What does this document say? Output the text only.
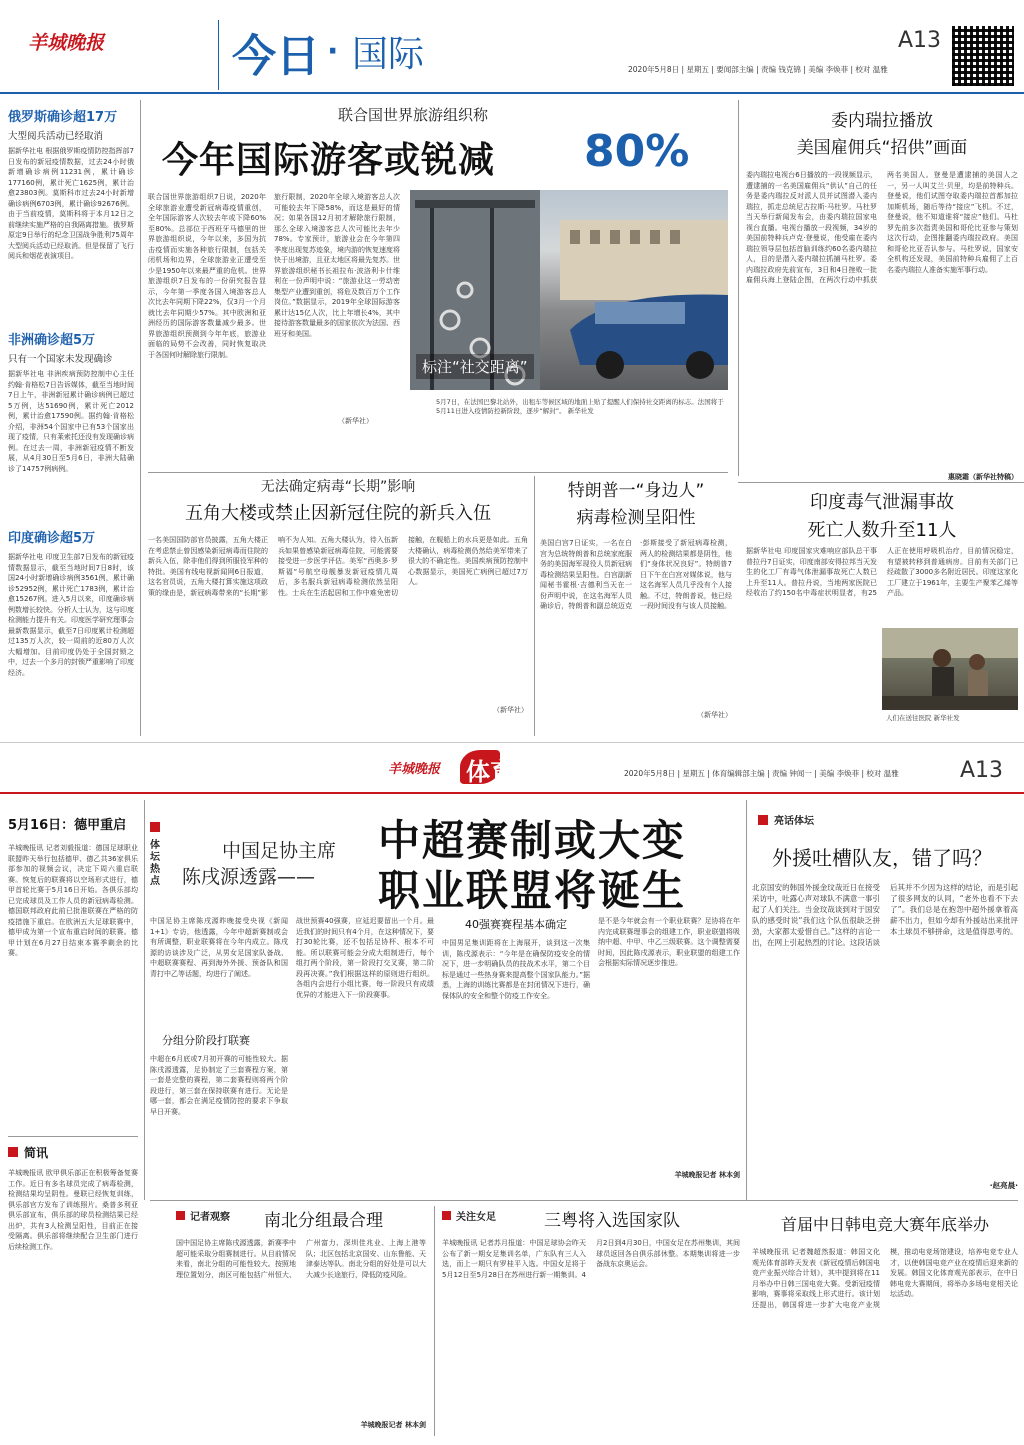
羊城晚报	今日 · 国际	A13
2020年5月8日 | 星期五 | 要闻部主编 | 责编 钱克锦 | 美编 李焕菲 | 校对 温雅
俄罗斯确诊超17万
大型阅兵活动已经取消
据新华社电 根据俄罗斯疫情防控指挥部7日发布的新冠疫情数据，过去24小时俄新增确诊病例11231例，累计确诊177160例，累计死亡1625例，累计治愈23803例。莫斯科市过去24小时新增确诊病例6703例，累计确诊92676例。由于当前疫情，莫斯科将于本月12日之前继续实施严格的自我隔离措施。俄罗斯原定9日举行的纪念卫国战争胜利75周年大型阅兵活动已经取消。但是保留了飞行阅兵和烟花表演项目。
非洲确诊超5万
只有一个国家未发现确诊
据新华社电 非洲疾病预防控制中心主任约翰·肯格松7日告诉媒体，截至当地时间7日上午，非洲新冠累计确诊病例已超过5万例，达51690例，累计死亡2012例，累计治愈17590例。据约翰·肯格松介绍，非洲54个国家中已有53个国家出现了疫情，只有莱索托还没有发现确诊病例。在过去一周，非洲新冠疫情不断发展，从4月30日至5月6日，非洲大陆确诊了14757例病例。
印度确诊超5万
据新华社电 印度卫生部7日发布的新冠疫情数据显示，截至当地时间7日8时，该国24小时新增确诊病例3561例，累计确诊52952例，累计死亡1783例，累计治愈15267例。进入5月以来，印度确诊病例数增长较快。分析人士认为，这与印度检测能力提升有关。印度医学研究理事会最新数据显示，截至7日印度累计检测超过135万人次，较一周前的近80万人次大幅增加。目前印度仍处于全国封锁之中，过去一个多月的封锁严重影响了印度经济。
联合国世界旅游组织称
今年国际游客或锐减 80%
联合国世界旅游组织7日说，2020年全球旅游业遭受新冠病毒疫情重创，全年国际游客人次较去年或下降60%至80%。总部位于西班牙马德里的世界旅游组织说，今年以来，多国为抗击疫情而实施各种旅行限制，包括关闭机场和边界，全球旅游业正遭受至少是1950年以来最严重的危机。世界旅游组织7日发布的一份研究报告显示，今年第一季度各国入境游客总人次比去年同期下降22%，仅3月一个月就比去年同期少57%。其中欧洲和亚洲经历的国际游客数量减少最多。世界旅游组织预测到今年年底，旅游业面临的局势不会改善，同时恢复取决于各国何时解除旅行限制。
旅行限制，2020年全球入境游客总人次可能较去年下降58%，而这是最好的情况；如果各国12月初才解除旅行限制，那么全球入境游客总人次可能比去年少78%。专家预计，旅游业会在今年第四季度出现复苏迹象，境内游的恢复速度将快于出境游，且亚太地区将最先复苏。世界旅游组织秘书长祖拉布·波洛利卡什维利在一份声明中说：“旅游业这一劳动密集型产业遭到重创，将危及数百万个工作岗位。”数据显示，2019年全球国际游客累计达15亿人次，比上年增长4%，其中接待游客数量最多的国家依次为法国、西班牙和美国。
（新华社）
标注“社交距离”
5月7日，在法国巴黎北站外，出租车等候区域的地面上贴了提醒人们保持社交距离的标志。法国将于5月11日进入疫情防控新阶段，逐步“解封”。 新华社发
委内瑞拉播放
美国雇佣兵“招供”画面
委内瑞拉电视台6日播放的一段视频显示，遭逮捕的一名美国雇佣兵“供认”自己的任务是委内瑞拉反对派人员并试图潜入委内瑞拉，抓走总统尼古拉斯·马杜罗。马杜罗当天举行新闻发布会，由委内瑞拉国家电视台直播。电视台播放一段视频，34岁的美国前特种兵卢克·登曼说，他受雇在委内瑞拉领导层包括首脑训练约60名委内瑞拉人，目的是潜入委内瑞拉抓捕马杜罗。委内瑞拉政府先前宣布，3日和4日挫败一批雇佣兵海上登陆企图，在两次行动中抓获两名美国人。登曼是遭逮捕的美国人之一，另一人叫艾兰·贝里，均是前特种兵。登曼说，他们试图夺取委内瑞拉首都加拉加斯机场，随后等待“接应”飞机。不过，登曼说，他不知道谁将“接应”他们。马杜罗先前多次指责美国和哥伦比亚参与策划这次行动，企图推翻委内瑞拉政府。美国和哥伦比亚否认参与。马杜罗说，国家安全机构还发现，美国前特种兵雇佣了上百名委内瑞拉人准备实施军事行动。
惠晓霜（新华社特稿）
无法确定病毒“长期”影响
五角大楼或禁止因新冠住院的新兵入伍
一名美国国防部官员披露，五角大楼正在考虑禁止曾因感染新冠病毒而住院的新兵入伍，除非他们得到所服役军种的特批。美国有线电视新闻网6日报道，这名官员说，五角大楼打算实施这项政策的缘由是，新冠病毒带来的“长期”影响不为人知。五角大楼认为，待入伍新兵如果曾感染新冠病毒住院，可能需要接受进一步医学评估。美军“西奥多·罗斯福”号航空母舰暴发新冠疫情几周后，多名服兵新冠病毒检测依然呈阳性。士兵在生活起居和工作中难免密切接触，在舰船上的水兵更是如此。五角大楼确认，病毒检测仍然给美军带来了很大的不确定性。美国疾病预防控制中心数据显示，美国死亡病例已超过7万人。
（新华社）
特朗普一“身边人”
病毒检测呈阳性
美国白宫7日证实，一名在白宫为总统特朗普和总统家庭服务的美国海军现役人员新冠病毒检测结果呈阳性。白宫副新闻秘书霍根·吉德利当天在一份声明中说，在这名海军人员确诊后，特朗普和副总统迈克·彭斯接受了新冠病毒检测，两人的检测结果都是阴性，他们“身体状况良好”。特朗普7日下午在白宫对媒体说，他与这名海军人员几乎没有个人接触。不过，特朗普说，他已经一段时间没有与该人员接触。
（新华社）
印度毒气泄漏事故
死亡人数升至11人
据新华社电 印度国家灾难响应部队总干事普拉丹7日证实，印度南部安得拉邦当天发生的化工厂有毒气体泄漏事故死亡人数已上升至11人。普拉丹说，当地两家医院已经收治了约150名中毒症状明显者，有25人正在使用呼吸机治疗，目前情况稳定，有望被转移到普通病房。目前有关部门已经疏散了3000多名附近居民。印度这家化工厂建立于1961年，主要生产聚苯乙烯等产品。
人们在送往医院 新华社发
羊城晚报 体育	2020年5月8日 | 星期五 | 体育编辑部主编 | 责编 钟闻一 | 美编 李焕菲 | 校对 温雅	A13
5月16日：德甲重启
羊城晚报讯 记者刘毅报道：德国足球职业联盟昨天举行包括德甲、德乙共36家俱乐部参加的视频会议，决定下周六重启联赛。恢复后的联赛将以空场形式进行，德甲首轮比赛于5月16日开始。各俱乐部均已完成球员及工作人员的新冠病毒检测。德国联邦政府此前已批准联赛在严格的防疫措施下重启。在欧洲五大足球联赛中，德甲成为第一个宣布重启时间的联赛。德甲计划在6月27日结束本赛季剩余的比赛。
简讯
羊城晚报讯 欧甲俱乐部正在积极筹备复赛工作。近日有多名球员完成了病毒检测，检测结果均呈阴性。曼联已经恢复训练，俱乐部官方发布了训练照片。桑普多利亚俱乐部宣布，俱乐部的球员检测结果已经出炉，共有3人检测呈阳性，目前正在接受隔离。俱乐部将继续配合卫生部门进行后续检测工作。
体坛热点
中国足协主席
陈戌源透露——
中超赛制或大变
职业联盟将诞生
中国足协主席陈戌源昨晚接受央视《新闻1+1》专访，他透露，今年中超新赛制或会有所调整，职业联赛将在今年内成立。陈戌源的访谈涉及广泛，从男女足国家队备战、中超联赛赛程、再到海外外援、预备队和国青打中乙等话题，均进行了阐述。
分组分阶段打联赛
中超在6月底或7月初开赛的可能性较大。据陈戌源透露，足协制定了三套赛程方案，第一套是完整的赛程，第二套赛程则将两个阶段进行，第三套在保持联赛有进行。无论是哪一套，都会在满足疫情防控的要求下争取早日开赛。
战世预赛40强赛，应延迟要留出一个月。最近我们的时间只有4个月，在这种情况下，要打30轮比赛，还不包括足协杯、根本不可能。所以联赛可能会分成大组制进行，每个组打两个阶段，第一阶段打交叉赛，第二阶段再决赛。”我们根据这样的原则进行组织。各组内会进行小组比赛，每一阶段只有成绩优异的才能进入下一阶段赛事。
40强赛赛程基本确定
中国男足集训距将在上海展开，谈到这一次集训，陈戌源表示：“今年是在确保防疫安全的情况下，进一步明确队员的技战术水平，第二个目标是通过一些热身赛来提高整个国家队能力。”据悉，上海的训练比赛都是在封闭情况下进行，确保体队的安全和整个防疫工作安全。
是不是今年就会有一个职业联赛？足协将在年内完成联赛理事会的组建工作，职业联盟将吸纳中超、中甲、中乙三级联赛。这个调整需要时间，因此陈戌源表示，职业联盟的组建工作会根据实际情况逐步推进。
羊城晚报记者 林本剑
亮话体坛
外援吐槽队友，错了吗？
北京国安的韩国外援金玟哉近日在接受采访中，吐露心声对球队不满意一事引起了人们关注。当金玟哉谈到对于国安队的感受时说“我们这个队伍很缺乏拼劲，大家都太爱惜自己。”这样的言论一出，在网上引起热烈的讨论。这段话谈后其并不少因为这样的结论，而是引起了很多网友的认同，“老外也看不下去了”。我们总是在抱怨中超外援拿着高薪不出力，但如今却有外援站出来批评本土球员不够拼命，这是值得思考的。
·赵亮晨·
记者观察 南北分组最合理
国中国足协主席陈戌源透露，新赛季中超可能采取分组赛制进行。从目前情况来看，南北分组的可能性较大。按照地理位置划分，南区可能包括广州恒大、广州富力、深圳佳兆业、上海上港等队；北区包括北京国安、山东鲁能、天津泰达等队。南北分组的好处是可以大大减少长途旅行，降低防疫风险。
羊城晚报记者 林本剑
关注女足	三粤将入选国家队
羊城晚报讯 记者苏月报道：中国足球协会昨天公布了新一期女足集训名单，广东队有三人入选，而上一期只有罗桂平入选。中国女足将于5月12日至5月28日在苏州进行新一期集训。4月2日到4月30日，中国女足在苏州集训，其间球员返回各自俱乐部休整。本期集训将进一步备战东京奥运会。
首届中日韩电竞大赛年底举办
羊城晚报讯 记者魏超然报道：韩国文化观光体育部昨天发表《新冠疫情后韩国电竞产业振兴综合计划》，其中提到将在11月举办中日韩三国电竞大赛。受新冠疫情影响，赛事将采取线上形式进行。该计划还提出，韩国将进一步扩大电竞产业规模，推动电竞场馆建设，培养电竞专业人才，以使韩国电竞产业在疫情后迎来新的发展。韩国文化体育观光部表示，在中日韩电竞大赛期间，将举办多场电竞相关论坛活动。
